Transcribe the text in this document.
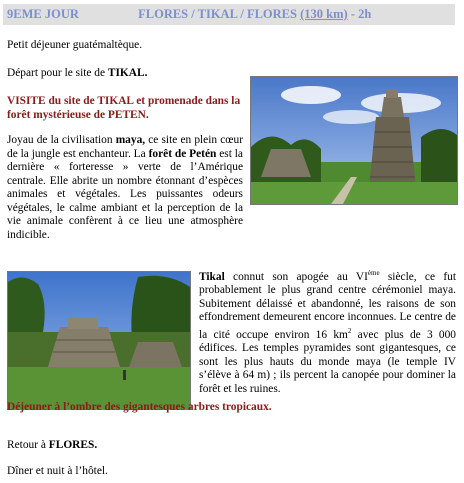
9EME JOUR	FLORES / TIKAL / FLORES (130 km) - 2h

Petit déjeuner guatémaltèque.

Départ pour le site de TIKAL.

VISITE du site de TIKAL et promenade dans la forêt mystérieuse de PETEN.

Joyau de la civilisation maya, ce site en plein cœur de la jungle est enchanteur. La forêt de Petén est la dernière « forteresse » verte de l’Amérique centrale. Elle abrite un nombre étonnant d’espèces animales et végétales. Les puissantes odeurs végétales, le calme ambiant et la perception de la vie animale confèrent à ce lieu une atmosphère indicible.

Tikal connut son apogée au VIème siècle, ce fut probablement le plus grand centre cérémoniel maya. Subitement délaissé et abandonné, les raisons de son effondrement demeurent encore inconnues. Le centre de la cité occupe environ 16 $km^2$ avec plus de 3 000 édifices. Les temples pyramides sont gigantesques, ce sont les plus hauts du monde maya (le temple IV s’élève à 64 m) ; ils percent la canopée pour dominer la forêt et les ruines.

Déjeuner à l’ombre des gigantesques arbres tropicaux.

Retour à FLORES.

Dîner et nuit à l’hôtel.
